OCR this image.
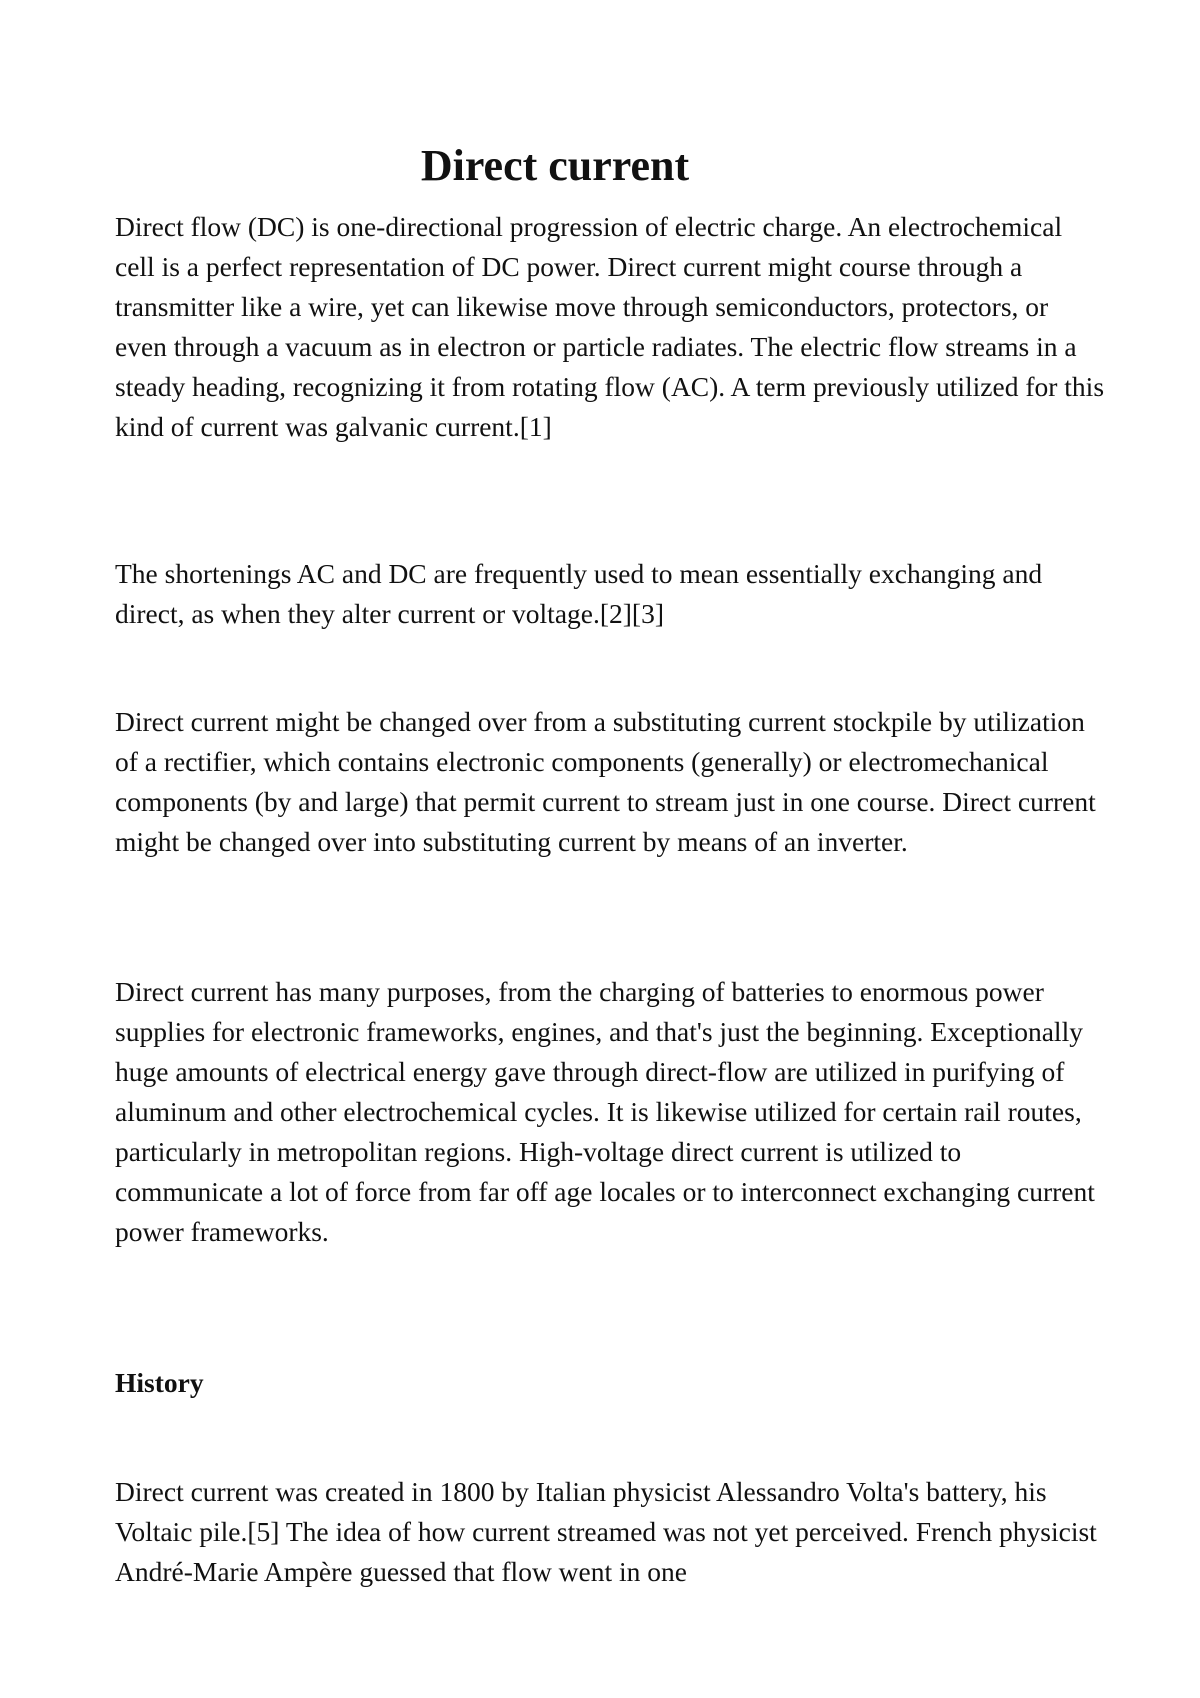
Direct current

Direct flow (DC) is one-directional progression of electric charge. An electrochemical cell is a perfect representation of DC power. Direct current might course through a transmitter like a wire, yet can likewise move through semiconductors, protectors, or even through a vacuum as in electron or particle radiates. The electric flow streams in a steady heading, recognizing it from rotating flow (AC). A term previously utilized for this kind of current was galvanic current.[1]

The shortenings AC and DC are frequently used to mean essentially exchanging and direct, as when they alter current or voltage.[2][3]

Direct current might be changed over from a substituting current stockpile by utilization of a rectifier, which contains electronic components (generally) or electromechanical components (by and large) that permit current to stream just in one course. Direct current might be changed over into substituting current by means of an inverter.

Direct current has many purposes, from the charging of batteries to enormous power supplies for electronic frameworks, engines, and that's just the beginning. Exceptionally huge amounts of electrical energy gave through direct-flow are utilized in purifying of aluminum and other electrochemical cycles. It is likewise utilized for certain rail routes, particularly in metropolitan regions. High-voltage direct current is utilized to communicate a lot of force from far off age locales or to interconnect exchanging current power frameworks.

History

Direct current was created in 1800 by Italian physicist Alessandro Volta's battery, his Voltaic pile.[5] The idea of how current streamed was not yet perceived. French physicist André-Marie Ampère guessed that flow went in one
